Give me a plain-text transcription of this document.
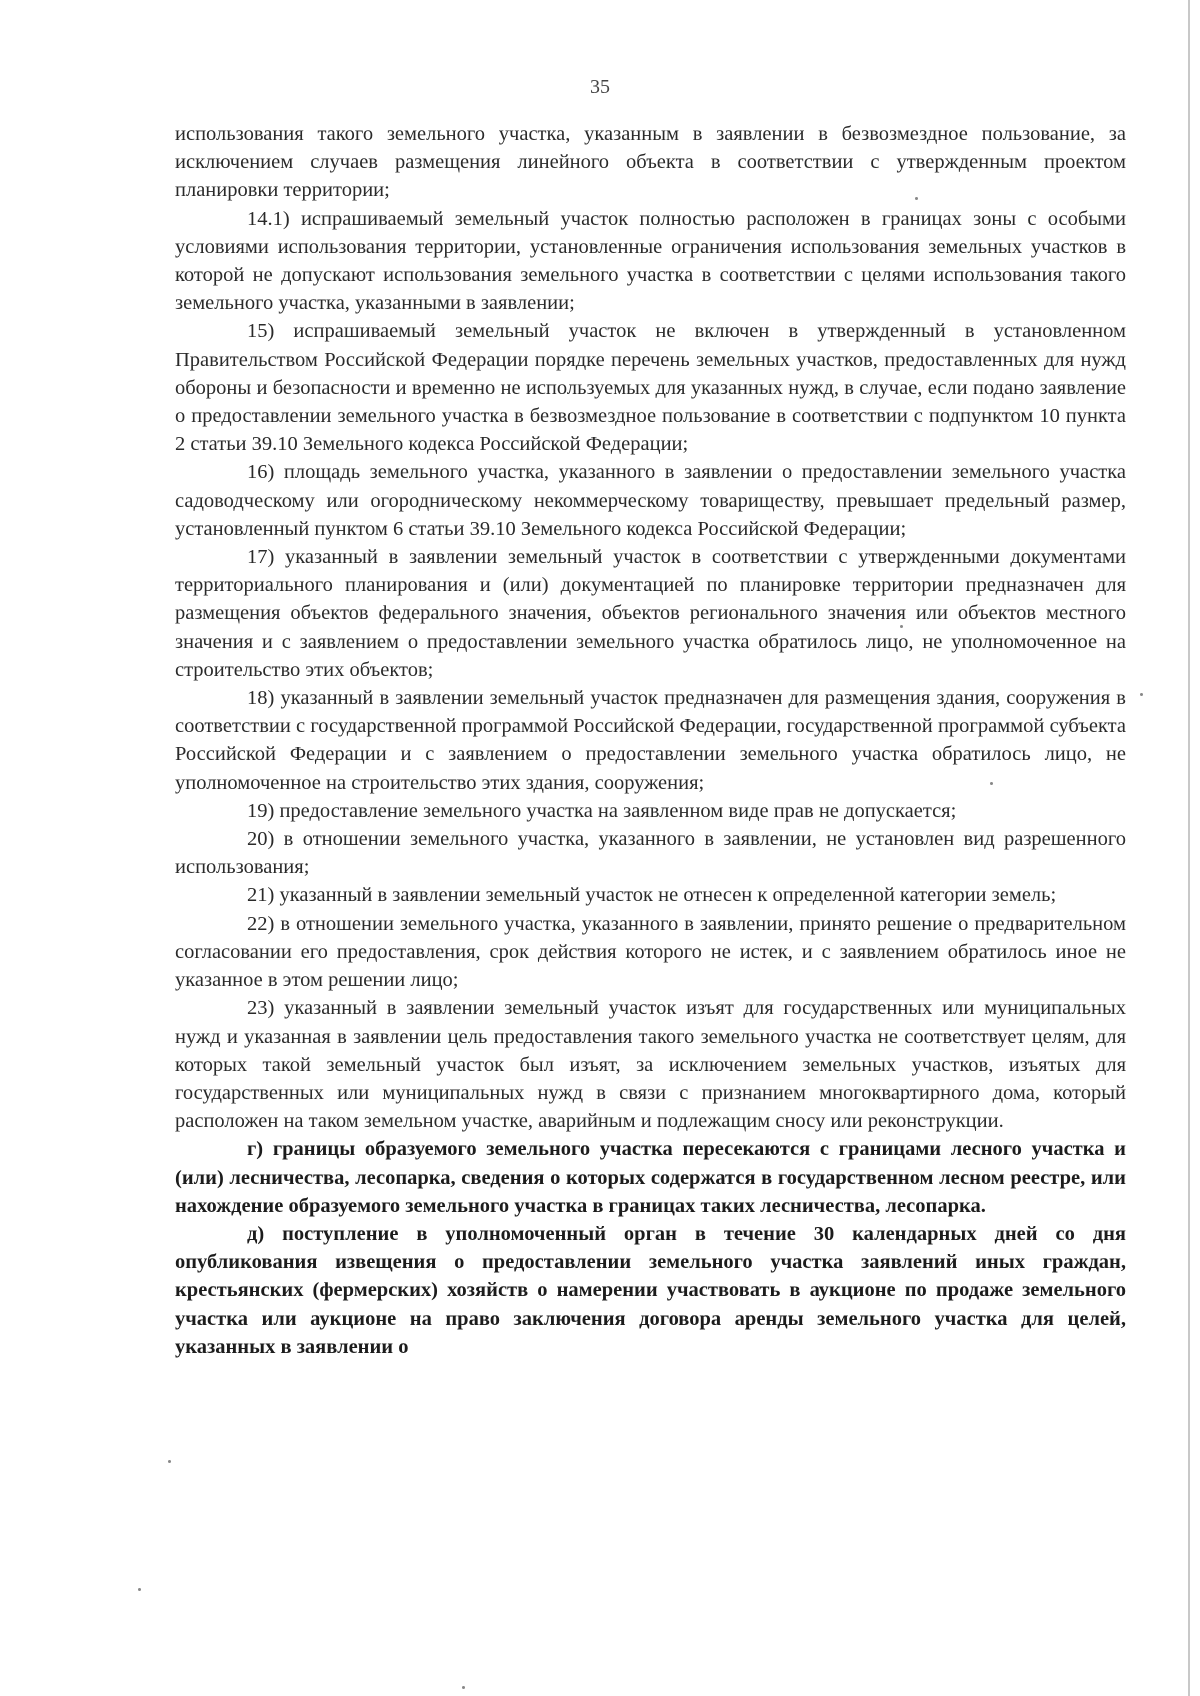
35

использования такого земельного участка, указанным в заявлении в безвозмездное пользование, за исключением случаев размещения линейного объекта в соответствии с утвержденным проектом планировки территории;

14.1) испрашиваемый земельный участок полностью расположен в границах зоны с особыми условиями использования территории, установленные ограничения использования земельных участков в которой не допускают использования земельного участка в соответствии с целями использования такого земельного участка, указанными в заявлении;

15) испрашиваемый земельный участок не включен в утвержденный в установленном Правительством Российской Федерации порядке перечень земельных участков, предоставленных для нужд обороны и безопасности и временно не используемых для указанных нужд, в случае, если подано заявление о предоставлении земельного участка в безвозмездное пользование в соответствии с подпунктом 10 пункта 2 статьи 39.10 Земельного кодекса Российской Федерации;

16) площадь земельного участка, указанного в заявлении о предоставлении земельного участка садоводческому или огородническому некоммерческому товариществу, превышает предельный размер, установленный пунктом 6 статьи 39.10 Земельного кодекса Российской Федерации;

17) указанный в заявлении земельный участок в соответствии с утвержденными документами территориального планирования и (или) документацией по планировке территории предназначен для размещения объектов федерального значения, объектов регионального значения или объектов местного значения и с заявлением о предоставлении земельного участка обратилось лицо, не уполномоченное на строительство этих объектов;

18) указанный в заявлении земельный участок предназначен для размещения здания, сооружения в соответствии с государственной программой Российской Федерации, государственной программой субъекта Российской Федерации и с заявлением о предоставлении земельного участка обратилось лицо, не уполномоченное на строительство этих здания, сооружения;

19) предоставление земельного участка на заявленном виде прав не допускается;

20) в отношении земельного участка, указанного в заявлении, не установлен вид разрешенного использования;

21) указанный в заявлении земельный участок не отнесен к определенной категории земель;

22) в отношении земельного участка, указанного в заявлении, принято решение о предварительном согласовании его предоставления, срок действия которого не истек, и с заявлением обратилось иное не указанное в этом решении лицо;

23) указанный в заявлении земельный участок изъят для государственных или муниципальных нужд и указанная в заявлении цель предоставления такого земельного участка не соответствует целям, для которых такой земельный участок был изъят, за исключением земельных участков, изъятых для государственных или муниципальных нужд в связи с признанием многоквартирного дома, который расположен на таком земельном участке, аварийным и подлежащим сносу или реконструкции.

г) границы образуемого земельного участка пересекаются с границами лесного участка и (или) лесничества, лесопарка, сведения о которых содержатся в государственном лесном реестре, или нахождение образуемого земельного участка в границах таких лесничества, лесопарка.

д) поступление в уполномоченный орган в течение 30 календарных дней со дня опубликования извещения о предоставлении земельного участка заявлений иных граждан, крестьянских (фермерских) хозяйств о намерении участвовать в аукционе по продаже земельного участка или аукционе на право заключения договора аренды земельного участка для целей, указанных в заявлении о
